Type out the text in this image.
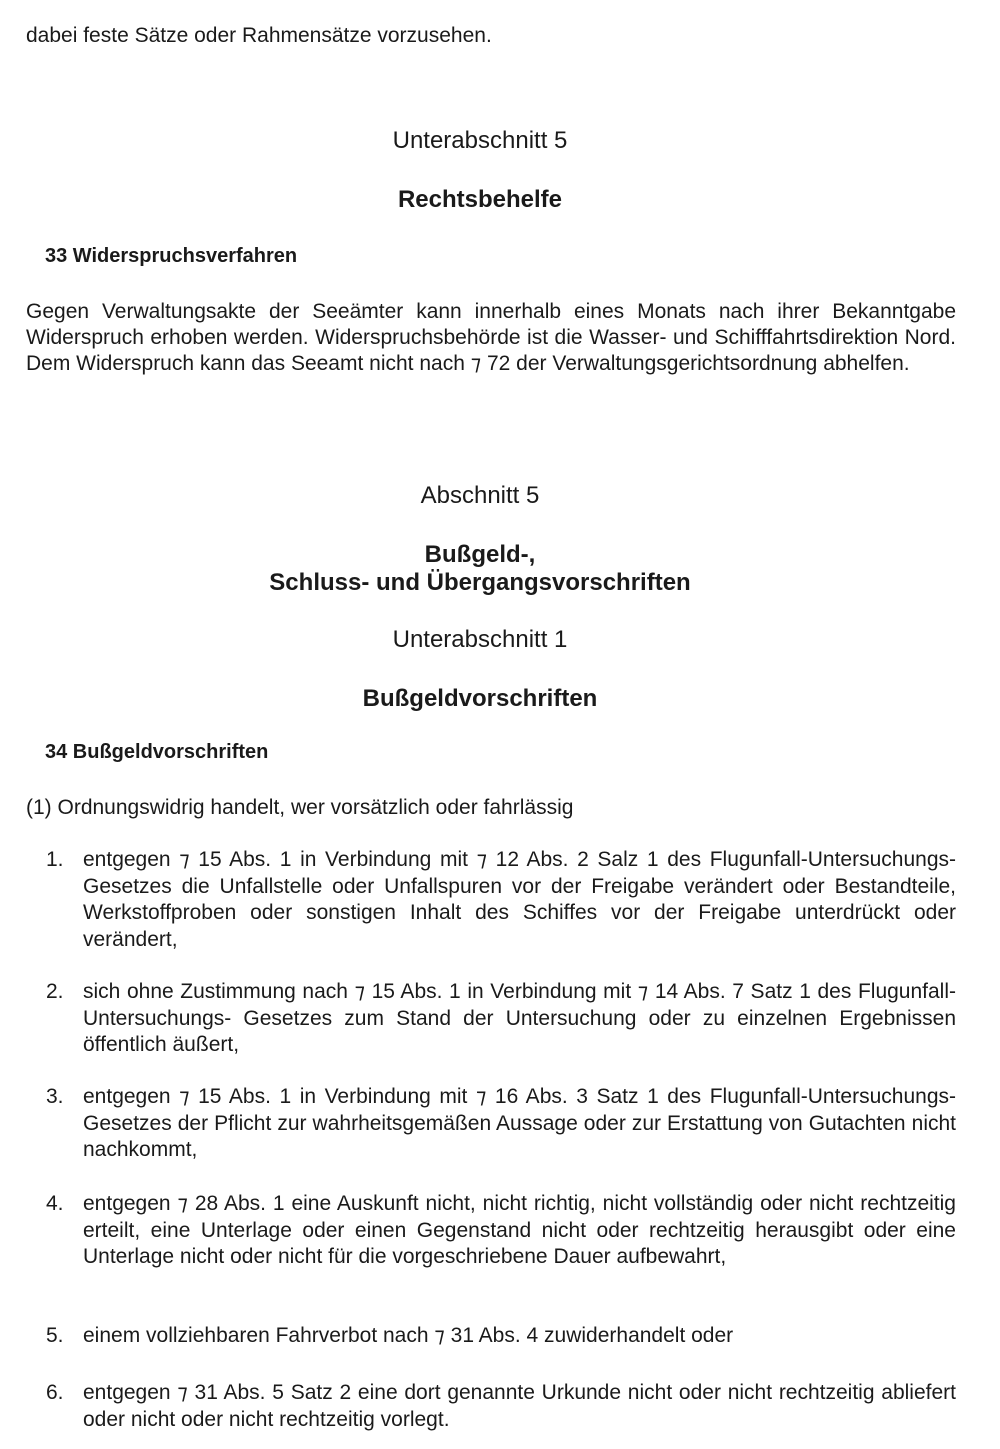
dabei feste Sätze oder Rahmensätze vorzusehen.
Unterabschnitt 5
Rechtsbehelfe
33 Widerspruchsverfahren
Gegen Verwaltungsakte der Seeämter kann innerhalb eines Monats nach ihrer Bekanntgabe Widerspruch erhoben werden. Widerspruchsbehörde ist die Wasser- und Schifffahrtsdirektion Nord. Dem Widerspruch kann das Seeamt nicht nach ⁊ 72 der Verwaltungsgerichtsordnung abhelfen.
Abschnitt 5
Bußgeld-,
Schluss- und Übergangsvorschriften
Unterabschnitt 1
Bußgeldvorschriften
34 Bußgeldvorschriften
(1) Ordnungswidrig handelt, wer vorsätzlich oder fahrlässig
1. entgegen ⁊ 15 Abs. 1 in Verbindung mit ⁊ 12 Abs. 2 Salz 1 des Flugunfall-Untersuchungs- Gesetzes die Unfallstelle oder Unfallspuren vor der Freigabe verändert oder Bestandteile, Werkstoffproben oder sonstigen Inhalt des Schiffes vor der Freigabe unterdrückt oder verändert,
2. sich ohne Zustimmung nach ⁊ 15 Abs. 1 in Verbindung mit ⁊ 14 Abs. 7 Satz 1 des Flugunfall- Untersuchungs- Gesetzes zum Stand der Untersuchung oder zu einzelnen Ergebnissen öffentlich äußert,
3. entgegen ⁊ 15 Abs. 1 in Verbindung mit ⁊ 16 Abs. 3 Satz 1 des Flugunfall-Untersuchungs- Gesetzes der Pflicht zur wahrheitsgemäßen Aussage oder zur Erstattung von Gutachten nicht nachkommt,
4. entgegen ⁊ 28 Abs. 1 eine Auskunft nicht, nicht richtig, nicht vollständig oder nicht rechtzeitig erteilt, eine Unterlage oder einen Gegenstand nicht oder rechtzeitig herausgibt oder eine Unterlage nicht oder nicht für die vorgeschriebene Dauer aufbewahrt,
5. einem vollziehbaren Fahrverbot nach ⁊ 31 Abs. 4 zuwiderhandelt oder
6. entgegen ⁊ 31 Abs. 5 Satz 2 eine dort genannte Urkunde nicht oder nicht rechtzeitig abliefert oder nicht oder nicht rechtzeitig vorlegt.
